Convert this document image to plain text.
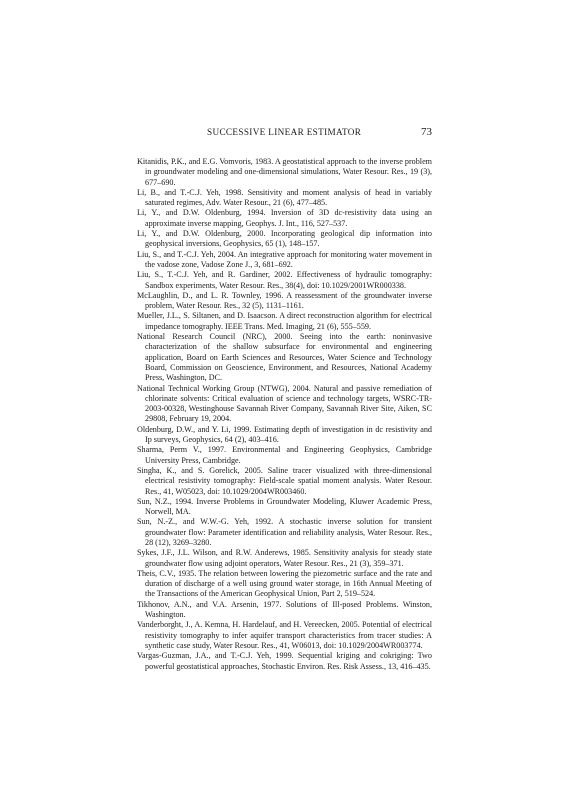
SUCCESSIVE LINEAR ESTIMATOR	73
Kitanidis, P.K., and E.G. Vomvoris, 1983. A geostatistical approach to the inverse problem in groundwater modeling and one-dimensional simulations, Water Resour. Res., 19 (3), 677–690.
Li, B., and T.-C.J. Yeh, 1998. Sensitivity and moment analysis of head in variably saturated regimes, Adv. Water Resour., 21 (6), 477–485.
Li, Y., and D.W. Oldenburg, 1994. Inversion of 3D dc-resistivity data using an approximate inverse mapping, Geophys. J. Int., 116, 527–537.
Li, Y., and D.W. Oldenburg, 2000. Incorporating geological dip information into geophysical inversions, Geophysics, 65 (1), 148–157.
Liu, S., and T.-C.J. Yeh, 2004. An integrative approach for monitoring water movement in the vadose zone, Vadose Zone J., 3, 681–692.
Liu, S., T.-C.J. Yeh, and R. Gardiner, 2002. Effectiveness of hydraulic tomography: Sandbox experiments, Water Resour. Res., 38(4), doi: 10.1029/2001WR000338.
McLaughlin, D., and L. R. Townley, 1996. A reassessment of the groundwater inverse problem, Water Resour. Res., 32 (5), 1131–1161.
Mueller, J.L., S. Siltanen, and D. Isaacson. A direct reconstruction algorithm for electrical impedance tomography. IEEE Trans. Med. Imaging, 21 (6), 555–559.
National Research Council (NRC), 2000. Seeing into the earth: noninvasive characterization of the shallow subsurface for environmental and engineering application, Board on Earth Sciences and Resources, Water Science and Technology Board, Commission on Geoscience, Environment, and Resources, National Academy Press, Washington, DC.
National Technical Working Group (NTWG), 2004. Natural and passive remediation of chlorinate solvents: Critical evaluation of science and technology targets, WSRC-TR-2003-00328, Westinghouse Savannah River Company, Savannah River Site, Aiken, SC 29808, February 19, 2004.
Oldenburg, D.W., and Y. Li, 1999. Estimating depth of investigation in dc resistivity and Ip surveys, Geophysics, 64 (2), 403–416.
Sharma, Perm V., 1997. Environmental and Engineering Geophysics, Cambridge University Press, Cambridge.
Singha, K., and S. Gorelick, 2005. Saline tracer visualized with three-dimensional electrical resistivity tomography: Field-scale spatial moment analysis. Water Resour. Res., 41, W05023, doi: 10.1029/2004WR003460.
Sun, N.Z., 1994. Inverse Problems in Groundwater Modeling, Kluwer Academic Press, Norwell, MA.
Sun, N.-Z., and W.W.-G. Yeh, 1992. A stochastic inverse solution for transient groundwater flow: Parameter identification and reliability analysis, Water Resour. Res., 28 (12), 3269–3280.
Sykes, J.F., J.L. Wilson, and R.W. Anderews, 1985. Sensitivity analysis for steady state groundwater flow using adjoint operators, Water Resour. Res., 21 (3), 359–371.
Theis, C.V., 1935. The relation between lowering the piezometric surface and the rate and duration of discharge of a well using ground water storage, in 16th Annual Meeting of the Transactions of the American Geophysical Union, Part 2, 519–524.
Tikhonov, A.N., and V.A. Arsenin, 1977. Solutions of Ill-posed Problems. Winston, Washington.
Vanderborght, J., A. Kemna, H. Hardelauf, and H. Vereecken, 2005. Potential of electrical resistivity tomography to infer aquifer transport characteristics from tracer studies: A synthetic case study, Water Resour. Res., 41, W06013, doi: 10.1029/2004WR003774.
Vargas-Guzman, J.A., and T.-C.J. Yeh, 1999. Sequential kriging and cokriging: Two powerful geostatistical approaches, Stochastic Environ. Res. Risk Assess., 13, 416–435.
